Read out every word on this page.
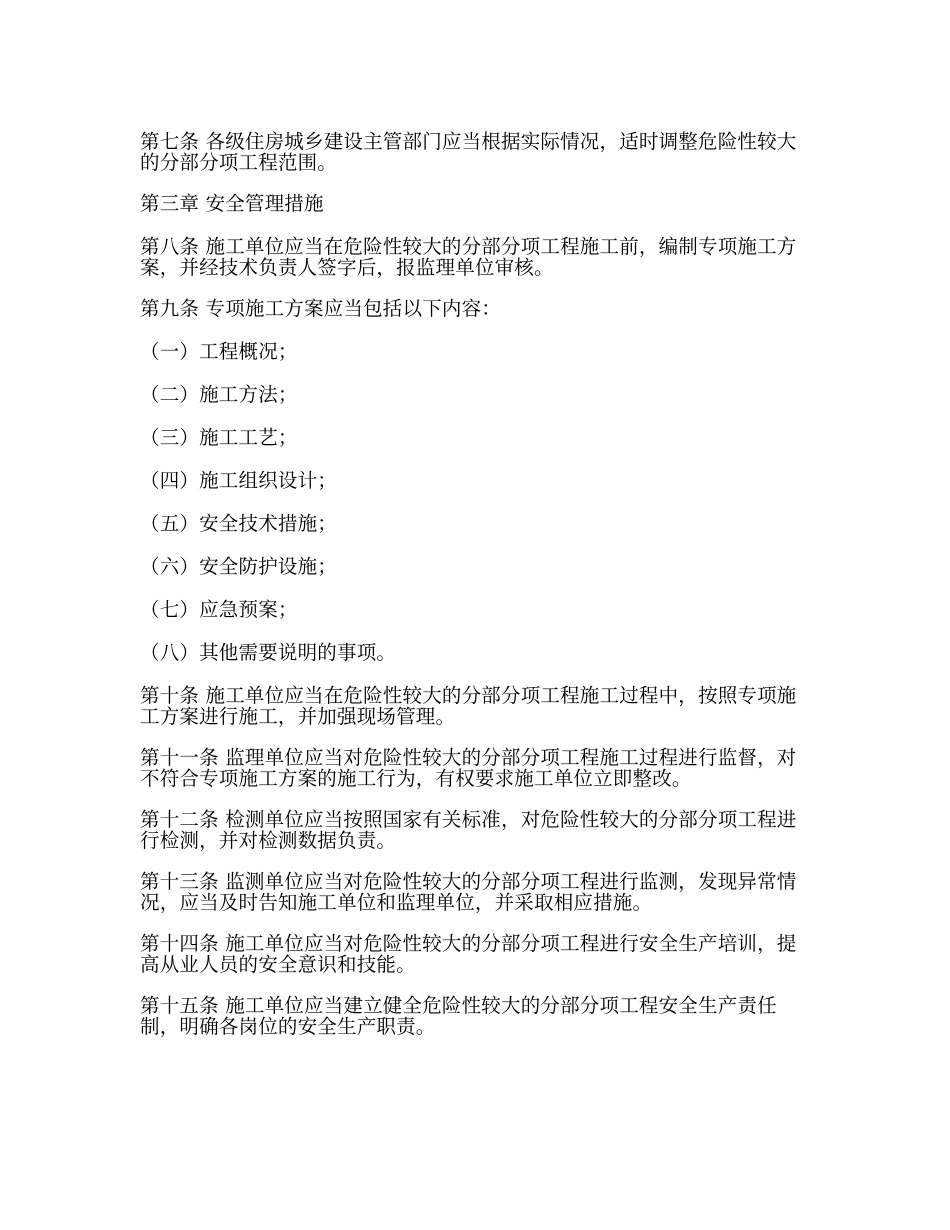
第七条 各级住房城乡建设主管部门应当根据实际情况，适时调整危险性较大的分部分项工程范围。

第三章 安全管理措施

第八条 施工单位应当在危险性较大的分部分项工程施工前，编制专项施工方案，并经技术负责人签字后，报监理单位审核。

第九条 专项施工方案应当包括以下内容：

（一）工程概况；

（二）施工方法；

（三）施工工艺；

（四）施工组织设计；

（五）安全技术措施；

（六）安全防护设施；

（七）应急预案；

（八）其他需要说明的事项。

第十条 施工单位应当在危险性较大的分部分项工程施工过程中，按照专项施工方案进行施工，并加强现场管理。

第十一条 监理单位应当对危险性较大的分部分项工程施工过程进行监督，对不符合专项施工方案的施工行为，有权要求施工单位立即整改。

第十二条 检测单位应当按照国家有关标准，对危险性较大的分部分项工程进行检测，并对检测数据负责。

第十三条 监测单位应当对危险性较大的分部分项工程进行监测，发现异常情况，应当及时告知施工单位和监理单位，并采取相应措施。

第十四条 施工单位应当对危险性较大的分部分项工程进行安全生产培训，提高从业人员的安全意识和技能。

第十五条 施工单位应当建立健全危险性较大的分部分项工程安全生产责任制，明确各岗位的安全生产职责。
